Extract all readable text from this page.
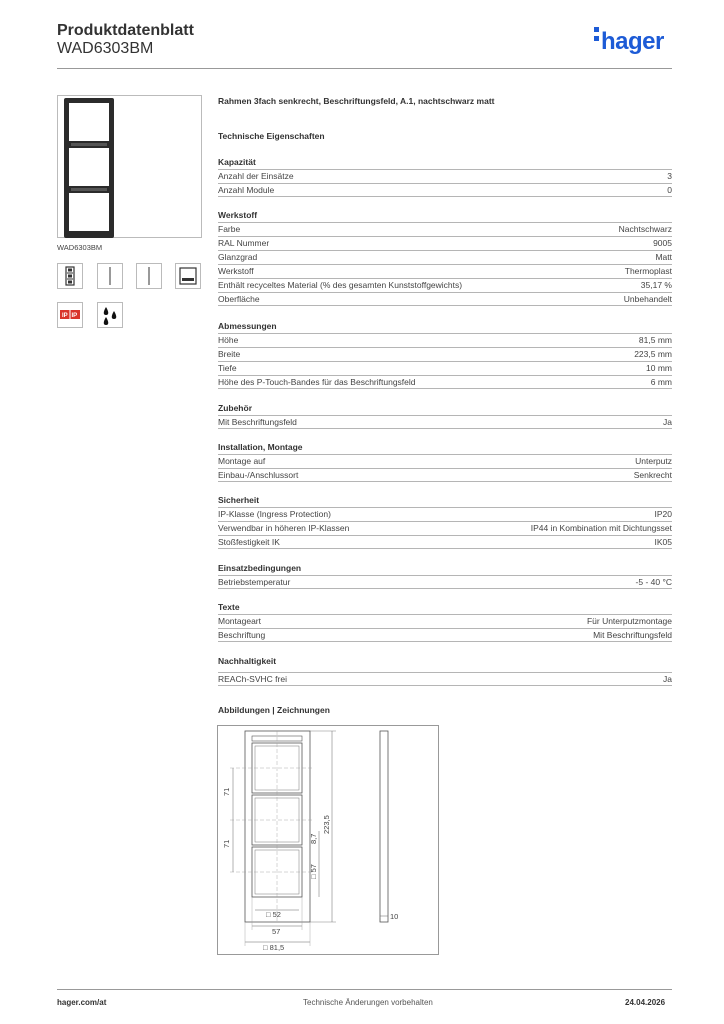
Produktdatenblatt
WAD6303BM	hager
WAD6303BM
IP IP
Rahmen 3fach senkrecht, Beschriftungsfeld, A.1, nachtschwarz matt
Technische Eigenschaften
Kapazität
Anzahl der Einsätze	3
Anzahl Module	0
Werkstoff
Farbe	Nachtschwarz
RAL Nummer	9005
Glanzgrad	Matt
Werkstoff	Thermoplast
Enthält recyceltes Material (% des gesamten Kunststoffgewichts)	35,17 %
Oberfläche	Unbehandelt
Abmessungen
Höhe	81,5 mm
Breite	223,5 mm
Tiefe	10 mm
Höhe des P-Touch-Bandes für das Beschriftungsfeld	6 mm
Zubehör
Mit Beschriftungsfeld	Ja
Installation, Montage
Montage auf	Unterputz
Einbau-/Anschlussort	Senkrecht
Sicherheit
IP-Klasse (Ingress Protection)	IP20
Verwendbar in höheren IP-Klassen	IP44 in Kombination mit Dichtungsset
Stoßfestigkeit IK	IK05
Einsatzbedingungen
Betriebstemperatur	-5 - 40 °C
Texte
Montageart	Für Unterputzmontage
Beschriftung	Mit Beschriftungsfeld
Nachhaltigkeit
REACh-SVHC frei	Ja
Abbildungen | Zeichnungen
71
71
223,5
8,7
□ 57
□ 52
57
□ 81,5
10
hager.com/at	Technische Änderungen vorbehalten	24.04.2026
